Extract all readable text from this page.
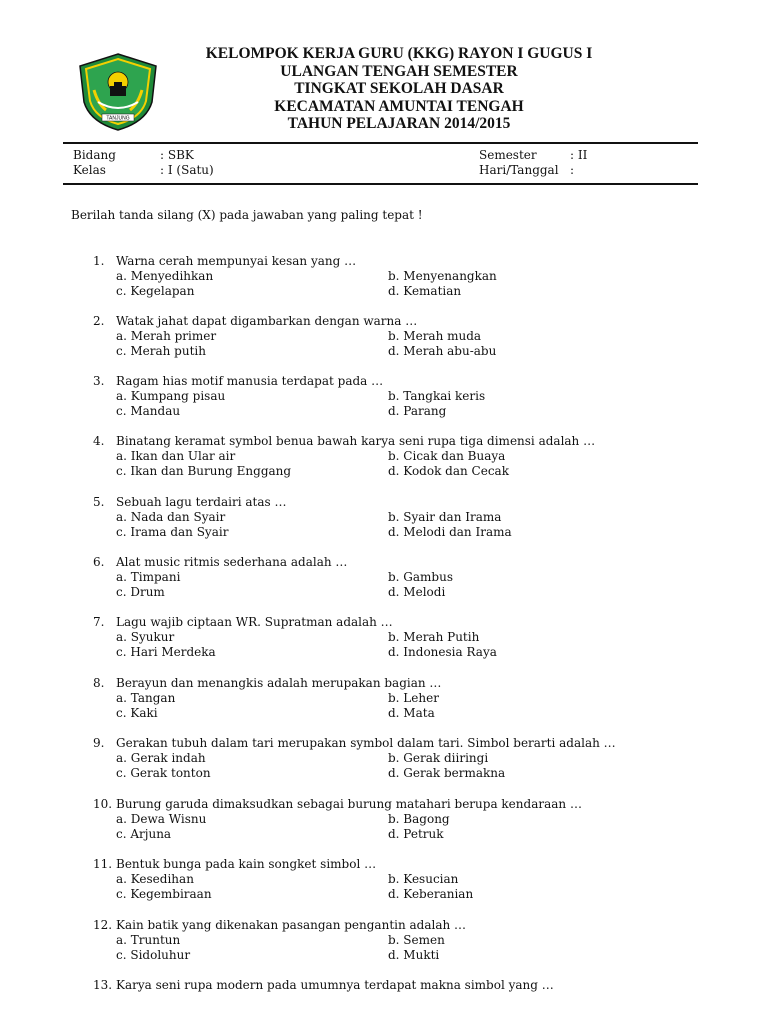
TANJUNG
KELOMPOK KERJA GURU (KKG) RAYON I GUGUS I
ULANGAN TENGAH SEMESTER
TINGKAT SEKOLAH DASAR
KECAMATAN AMUNTAI TENGAH
TAHUN PELAJARAN 2014/2015
Bidang	: SBK
Kelas	: I (Satu)
Semester	: II
Hari/Tanggal :
Berilah tanda silang (X) pada jawaban yang paling tepat !
1. Warna cerah mempunyai kesan yang …
a. Menyedihkan	b. Menyenangkan
c. Kegelapan	d. Kematian
2. Watak jahat dapat digambarkan dengan warna …
a. Merah primer	b. Merah muda
c. Merah putih	d. Merah abu-abu
3. Ragam hias motif manusia terdapat pada …
a. Kumpang pisau	b. Tangkai keris
c. Mandau	d. Parang
4. Binatang keramat symbol benua bawah karya seni rupa tiga dimensi adalah …
a. Ikan dan Ular air	b. Cicak dan Buaya
c. Ikan dan Burung Enggang	d. Kodok dan Cecak
5. Sebuah lagu terdairi atas …
a. Nada dan Syair	b. Syair dan Irama
c. Irama dan Syair	d. Melodi dan Irama
6. Alat music ritmis sederhana adalah …
a. Timpani	b. Gambus
c. Drum	d. Melodi
7. Lagu wajib ciptaan WR. Supratman adalah …
a. Syukur	b. Merah Putih
c. Hari Merdeka	d. Indonesia Raya
8. Berayun dan menangkis adalah merupakan bagian …
a. Tangan	b. Leher
c. Kaki	d. Mata
9. Gerakan tubuh dalam tari merupakan symbol dalam tari. Simbol berarti adalah …
a. Gerak indah	b. Gerak diiringi
c. Gerak tonton	d. Gerak bermakna
10. Burung garuda dimaksudkan sebagai burung matahari berupa kendaraan …
a. Dewa Wisnu	b. Bagong
c. Arjuna	d. Petruk
11. Bentuk bunga pada kain songket simbol …
a. Kesedihan	b. Kesucian
c. Kegembiraan	d. Keberanian
12. Kain batik yang dikenakan pasangan pengantin adalah …
a. Truntun	b. Semen
c. Sidoluhur	d. Mukti
13. Karya seni rupa modern pada umumnya terdapat makna simbol yang …
